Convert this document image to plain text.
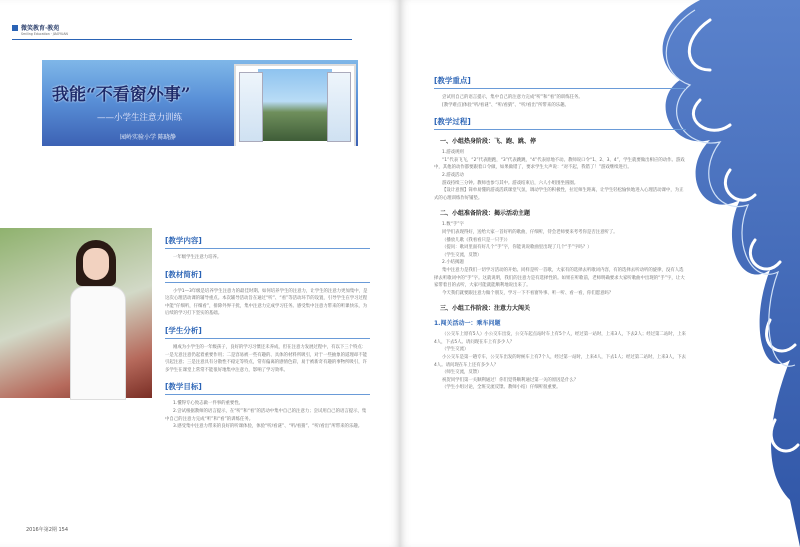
微笑教育·教苑
Smiling Education · JIAOYUAN
我能“不看窗外事”
——小学生注意力训练
园岭实验小学 陈晓静
[教学内容]

一年级学生注意力培养。

[教材简析]

小学1—3年级是培养学生注意力的最佳时期。如何培养学生的注意力，让学生的注意力更加集中，是这次心理活动课的辅导重点。本次辅导活动旨在通过“听”、“看”等活动环节的设置，引导学生在学习过程中能“仔细听，仔细看”，排除外界干扰，集中注意力完成学习任务。感受集中注意力带来的听课快乐，为后续的学习打下坚实的基础。

[学生分析]

刚成为小学生的一年级孩子，良好的学习习惯还未养成，但在注意力发展过程中，有以下三个特点：一是无意注意仍起着重要作用；二是容易被一些有趣的、具体的材料所吸引，对于一些抽象的道理却不能引起注意；三是注意具有分散性不稳定等特点，常有偏离的感情色彩，易于被新奇有趣的事物所吸引，许多学生在课堂上常常不能很好地集中注意力，影响了学习效率。

[教学目标]

1.懂得专心致志做一件事的重要性。

2.尝试根据教师的语言提示，在“听”和“看”的活动中集中自己的注意力；尝试用自己的语言提示，集中自己的注意力完成“听”和“看”的训练任务。

3.感受集中注意力带来的良好的听课体验，体验“听/看谜”、“听/看猜”、“听/看出”所带来的乐趣。

2016年第2期 154
[教学重点]

尝试用自己的语言提示，集中自己的注意力完成“听”和“看”的训练任务。

[教学难点]体验“听/看谜”、“听/看猜”、“听/看出”所带来的乐趣。

[教学过程]
一、小组热身阶段：飞、跑、跳、停

1.游戏规则

“1”代表飞飞，“2”代表跑跑，“3”代表跳跳，“4”代表原地不动。教师说口令“1、2、3、4”，学生就要做出相应的动作。游戏中，其他的动作都要跟着口令做，如果做错了，要求学生大声说：“对不起，我错了！”游戏继续进行。

2.游戏活动

游戏持续三分钟。教师也参与其中。游戏结束后，六人小组围坐圆圈。

【设计意图】简单易懂的游戏活跃课堂气氛，调动学生的积极性，拉近师生距离，让学生轻松愉快地进入心理活动课中，为正式的心理训练作好铺垫。

二、小组准备阶段：揭示活动主题

1.数“手”字

同学们表现得好，送给大家一首好听的歌曲，仔细听，待会老师要来考考你是否注意听了。

（播放儿歌《我看看只是一只手》）

（提问：歌词里面有好几个“手”字，你能说说歌曲里出现了几个“手”字吗？）

（学生交流，反馈）

2.小结揭题

集中注意力是我们一切学习活动的开始。同样是听一首歌，大家有的选择去听歌词内容，有的选择去听动听的旋律，没有人选择去听歌词中的“手”字。这就说明，我们的注意力是有选择性的。如果在听歌前，老师明确要求大家听歌曲中出现的“手”字，让大家带着目的去听，大家可能就能顺利地说出来了。

今天我们就要跟注意力做个朋友，学习一下不看窗外事、听一听、看一看，你们愿意吗？

三、小组工作阶段：注意力大闯关
1.闯关活动一：乘车问题

（公交车上原有5人）小公交车出发，公交车起点站时车上有5个人，经过第一站时，上来3人，下去2人；经过第二站时，上来4人，下去5人。请问现在车上有多少人？

（学生交流）

小公交车是第一趟专车，公交车出发的时候车上有7个人，经过第一站时，上来4人，下去1人；经过第二站时，上来3人，下去4人。请问现在车上还有多少人？

（师生交流，反馈）

祝贺同学们第一关顺利通过！你们觉得顺利通过第一关的原因是什么？

（学生小组讨论，全班交流反馈。教师小结）仔细听很重要。

2016年第2期 155
